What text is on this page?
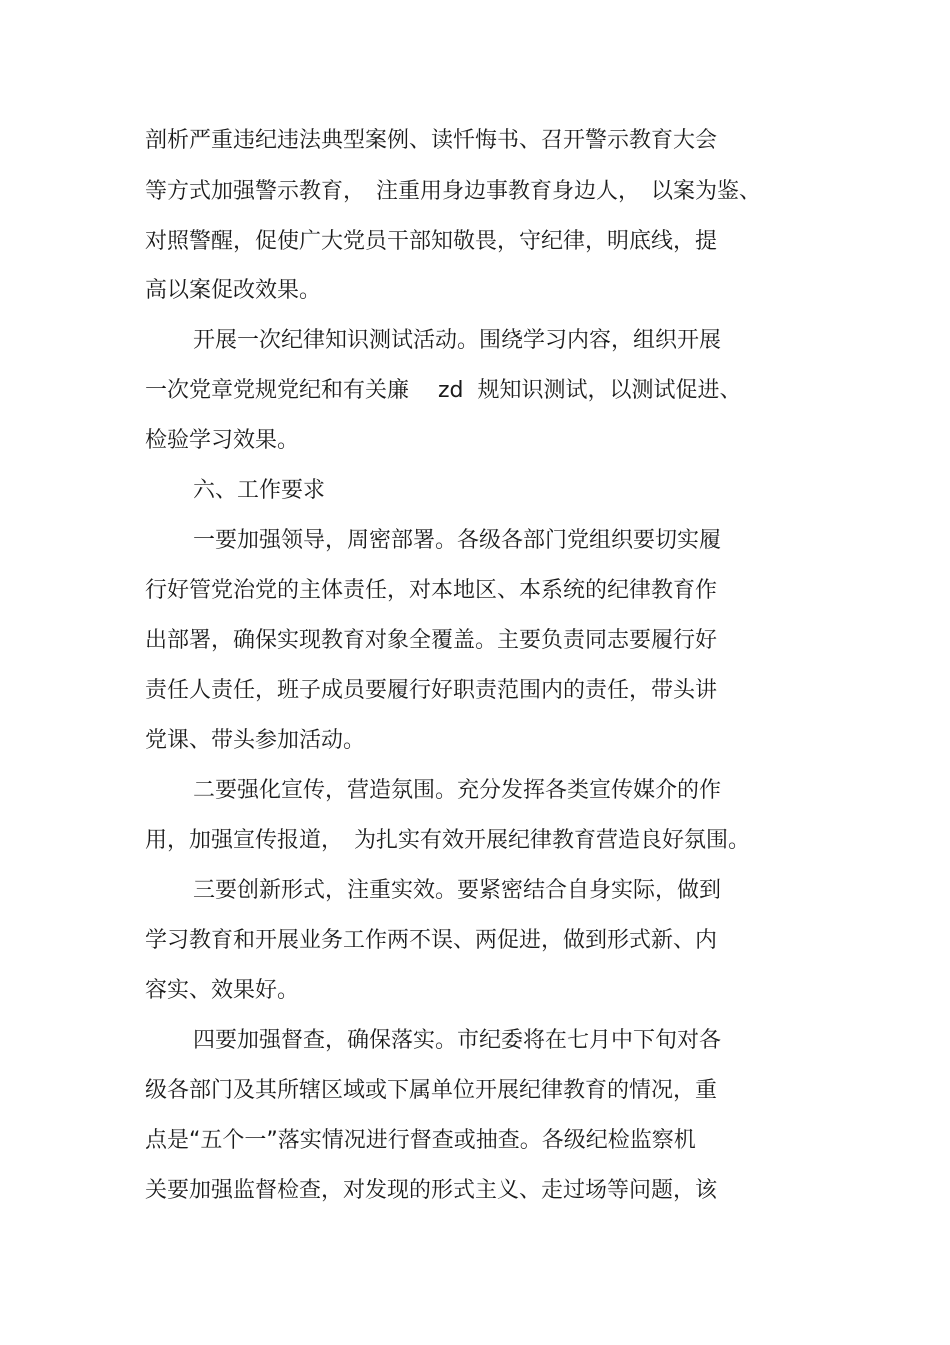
剖析严重违纪违法典型案例、读忏悔书、召开警示教育大会
等方式加强警示教育，　注重用身边事教育身边人，　以案为鉴、
对照警醒，促使广大党员干部知敬畏，守纪律，明底线，提
高以案促改效果。
开展一次纪律知识测试活动。围绕学习内容，组织开展
一次党章党规党纪和有关廉　 zd  规知识测试，以测试促进、
检验学习效果。
六、工作要求
一要加强领导，周密部署。各级各部门党组织要切实履
行好管党治党的主体责任，对本地区、本系统的纪律教育作
出部署，确保实现教育对象全覆盖。主要负责同志要履行好
责任人责任，班子成员要履行好职责范围内的责任，带头讲
党课、带头参加活动。
二要强化宣传，营造氛围。充分发挥各类宣传媒介的作
用，加强宣传报道，　为扎实有效开展纪律教育营造良好氛围。
三要创新形式，注重实效。要紧密结合自身实际，做到
学习教育和开展业务工作两不误、两促进，做到形式新、内
容实、效果好。
四要加强督查，确保落实。市纪委将在七月中下旬对各
级各部门及其所辖区域或下属单位开展纪律教育的情况，重
点是“五个一”落实情况进行督查或抽查。各级纪检监察机
关要加强监督检查，对发现的形式主义、走过场等问题，该
